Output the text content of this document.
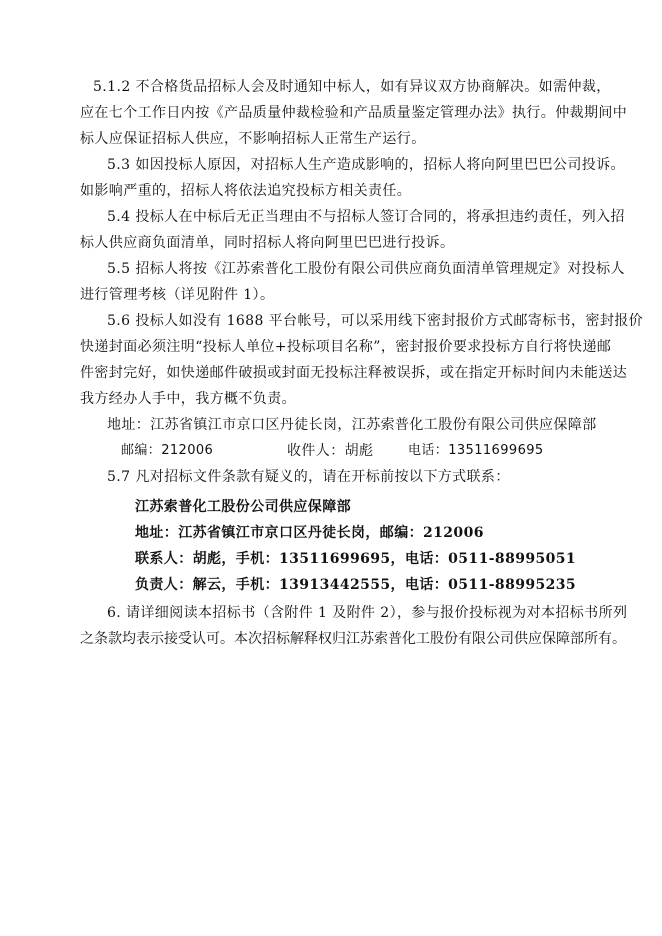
5.1.2 不合格货品招标人会及时通知中标人，如有异议双方协商解决。如需仲裁，
应在七个工作日内按《产品质量仲裁检验和产品质量鉴定管理办法》执行。仲裁期间中
标人应保证招标人供应，不影响招标人正常生产运行。
5.3 如因投标人原因，对招标人生产造成影响的，招标人将向阿里巴巴公司投诉。
如影响严重的，招标人将依法追究投标方相关责任。
5.4 投标人在中标后无正当理由不与招标人签订合同的，将承担违约责任，列入招
标人供应商负面清单，同时招标人将向阿里巴巴进行投诉。
5.5 招标人将按《江苏索普化工股份有限公司供应商负面清单管理规定》对投标人
进行管理考核（详见附件 1）。
5.6 投标人如没有 1688 平台帐号，可以采用线下密封报价方式邮寄标书，密封报价
快递封面必须注明“投标人单位+投标项目名称”，密封报价要求投标方自行将快递邮
件密封完好，如快递邮件破损或封面无投标注释被误拆，或在指定开标时间内未能送达
我方经办人手中，我方概不负责。
地址：江苏省镇江市京口区丹徒长岗，江苏索普化工股份有限公司供应保障部
邮编：212006	收件人：胡彪	电话：13511699695
5.7 凡对招标文件条款有疑义的，请在开标前按以下方式联系：
江苏索普化工股份公司供应保障部
地址：江苏省镇江市京口区丹徒长岗，邮编：212006
联系人：胡彪，手机：13511699695，电话：0511-88995051
负责人：解云，手机：13913442555，电话：0511-88995235
6. 请详细阅读本招标书（含附件 1 及附件 2），参与报价投标视为对本招标书所列
之条款均表示接受认可。本次招标解释权归江苏索普化工股份有限公司供应保障部所有。
